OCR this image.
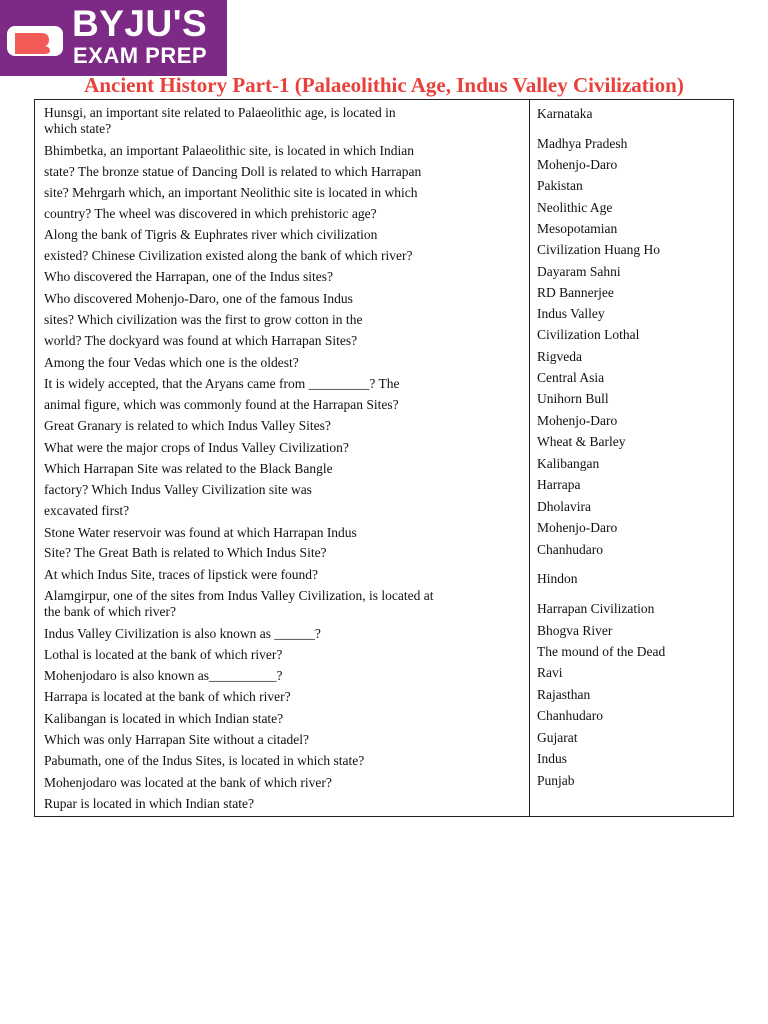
BYJU'S
EXAM PREP
Ancient History Part-1 (Palaeolithic Age, Indus Valley Civilization)

Hunsgi, an important site related to Palaeolithic age, is located in

which state?

Bhimbetka, an important Palaeolithic site, is located in which Indian

state? The bronze statue of Dancing Doll is related to which Harrapan

site? Mehrgarh which, an important Neolithic site is located in which

country? The wheel was discovered in which prehistoric age?

Along the bank of Tigris & Euphrates river which civilization

existed? Chinese Civilization existed along the bank of which river?

Who discovered the Harrapan, one of the Indus sites?

Who discovered Mohenjo-Daro, one of the famous Indus

sites? Which civilization was the first to grow cotton in the

world? The dockyard was found at which Harrapan Sites?

Among the four Vedas which one is the oldest?

It is widely accepted, that the Aryans came from _________? The

animal figure, which was commonly found at the Harrapan Sites?

Great Granary is related to which Indus Valley Sites?

What were the major crops of Indus Valley Civilization?

Which Harrapan Site was related to the Black Bangle

factory? Which Indus Valley Civilization site was

excavated first?

Stone Water reservoir was found at which Harrapan Indus

Site? The Great Bath is related to Which Indus Site?

At which Indus Site, traces of lipstick were found?

Alamgirpur, one of the sites from Indus Valley Civilization, is located at

the bank of which river?

Indus Valley Civilization is also known as ______?

Lothal is located at the bank of which river?

Mohenjodaro is also known as__________?

Harrapa is located at the bank of which river?

Kalibangan is located in which Indian state?

Which was only Harrapan Site without a citadel?

Pabumath, one of the Indus Sites, is located in which state?

Mohenjodaro was located at the bank of which river?

Rupar is located in which Indian state?

Karnataka

Madhya Pradesh

Mohenjo-Daro

Pakistan

Neolithic Age

Mesopotamian

Civilization Huang Ho

Dayaram Sahni

RD Bannerjee

Indus Valley

Civilization Lothal

Rigveda

Central Asia

Unihorn Bull

Mohenjo-Daro

Wheat & Barley

Kalibangan

Harrapa

Dholavira

Mohenjo-Daro

Chanhudaro

Hindon

Harrapan Civilization

Bhogva River

The mound of the Dead

Ravi

Rajasthan

Chanhudaro

Gujarat

Indus

Punjab
